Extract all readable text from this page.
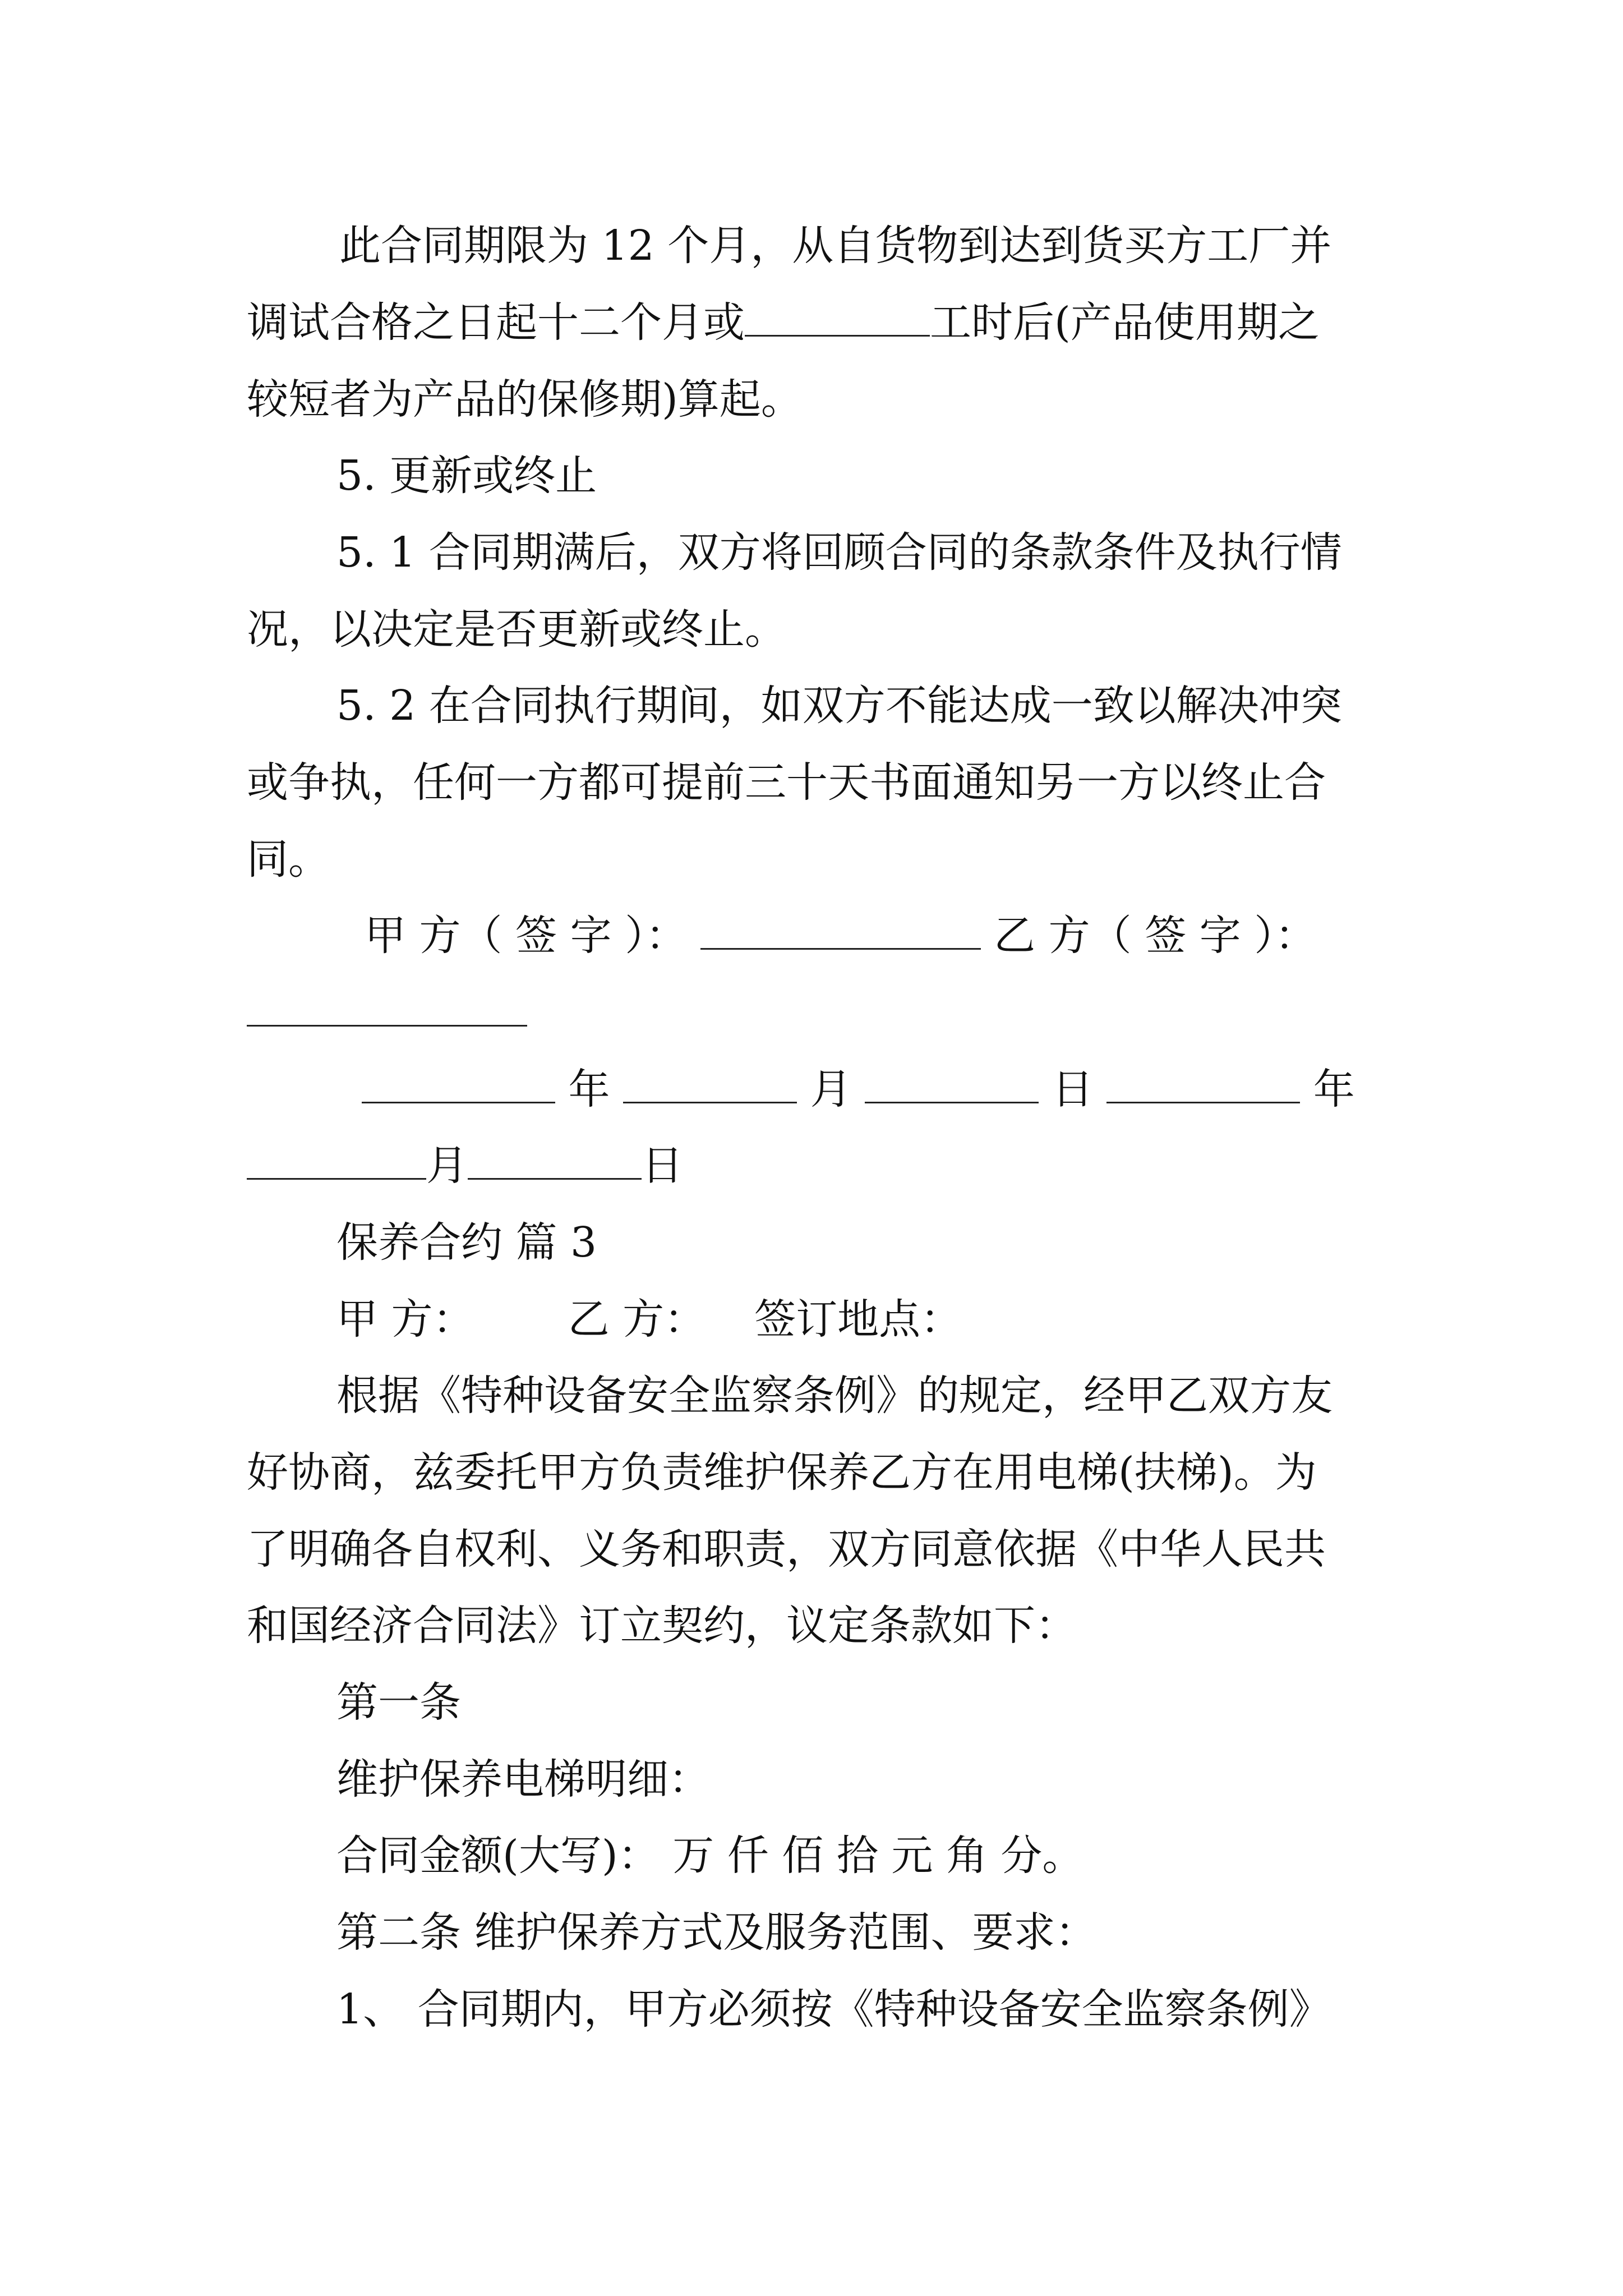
此合同期限为 12 个月，从自货物到达到货买方工厂并
调试合格之日起十二个月或	工时后(产品使用期之
较短者为产品的保修期)算起。
5. 更新或终止
5. 1 合同期满后，双方将回顾合同的条款条件及执行情
况，以决定是否更新或终止。
5. 2 在合同执行期间，如双方不能达成一致以解决冲突
或争执，任何一方都可提前三十天书面通知另一方以终止合
同。
甲 方（ 签 字 ）：	乙 方（ 签 字 ）：
年	月	日	年
月	日
保养合约 篇 3
甲 方： 乙 方： 签订地点：
根据《特种设备安全监察条例》的规定，经甲乙双方友
好协商，兹委托甲方负责维护保养乙方在用电梯(扶梯)。为
了明确各自权利、义务和职责，双方同意依据《中华人民共
和国经济合同法》订立契约，议定条款如下：
第一条
维护保养电梯明细：
合同金额(大写)： 万 仟 佰 拾 元 角 分。
第二条 维护保养方式及服务范围、要求：
1、 合同期内，甲方必须按《特种设备安全监察条例》
